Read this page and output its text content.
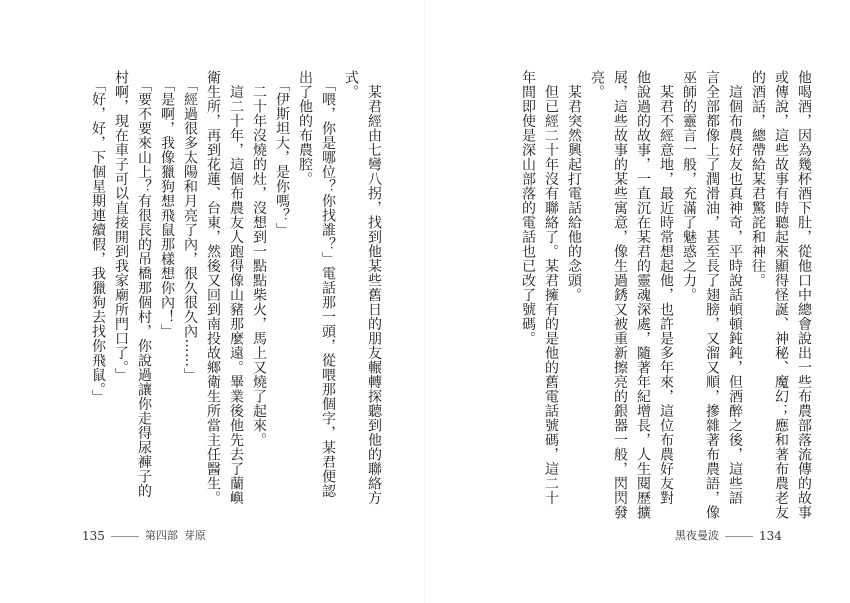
某君經由七彎八拐，找到他某些舊日的朋友輾轉探聽到他的聯絡方
式。
「喂，你是哪位？你找誰？」電話那一頭，從喂那個字，某君便認
出了他的布農腔。
「伊斯坦大，是你嗎？」
二十年沒燒的灶，沒想到一點點柴火，馬上又燒了起來。
這二十年，這個布農友人跑得像山豬那麼遠。畢業後他先去了蘭嶼
衛生所，再到花蓮、台東，然後又回到南投故鄉衛生所當主任醫生。
「經過很多太陽和月亮了內，很久很久內……」
「是啊，我像獵狗想飛鼠那樣想你內！」
「要不要來山上？有很長的吊橋那個村，你說過讓你走得尿褲子的
村啊，現在車子可以直接開到我家廟所門口了。」
「好，好，下個星期連續假，我獵狗去找你飛鼠。」
135	第四部 芽原
他喝酒，因為幾杯酒下肚，從他口中總會說出一些布農部落流傳的故事
或傳說，這些故事有時聽起來顯得怪誕、神秘、魔幻；應和著布農老友
的酒話，總帶給某君驚詫和神往。
這個布農好友也真神奇，平時說話頓頓鈍鈍，但酒醉之後，這些語
言全部都像上了潤滑油，甚至長了翅膀，又溜又順，摻雜著布農語，像
巫師的靈言一般，充滿了魅惑之力。
某君不經意地，最近時常想起他，也許是多年來，這位布農好友對
他說過的故事，一直沉在某君的靈魂深處，隨著年紀增長，人生閱歷擴
展，這些故事的某些寓意，像生過銹又被重新擦亮的銀器一般，閃閃發
亮。
某君突然興起打電話給他的念頭。
但已經二十年沒有聯絡了。某君擁有的是他的舊電話號碼，這二十
年間即使是深山部落的電話也已改了號碼。
黑夜曼波	134
